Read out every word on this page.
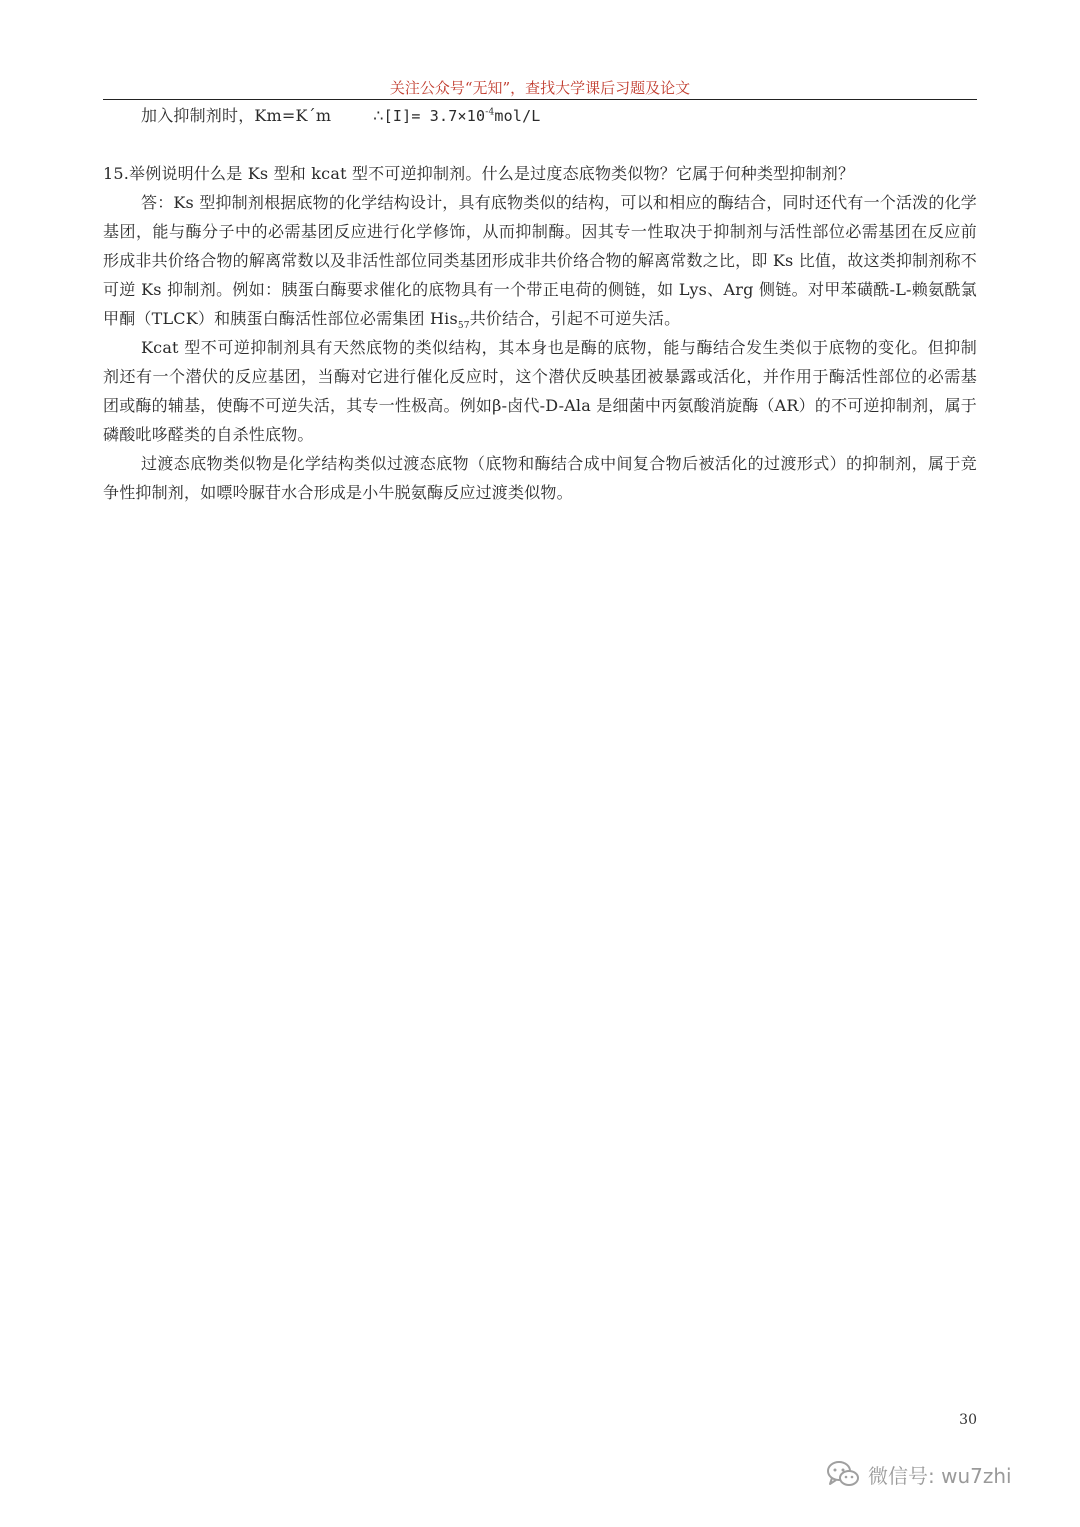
关注公众号“无知”，查找大学课后习题及论文

加入抑制剂时，Km=K´m	∴[I]= $3.7\times 10^{-4}mol/L$

15.举例说明什么是 Ks 型和 kcat 型不可逆抑制剂。什么是过度态底物类似物？它属于何种类型抑制剂？

答：Ks 型抑制剂根据底物的化学结构设计，具有底物类似的结构，可以和相应的酶结合，同时还代有一个活泼的化学基团，能与酶分子中的必需基团反应进行化学修饰，从而抑制酶。因其专一性取决于抑制剂与活性部位必需基团在反应前形成非共价络合物的解离常数以及非活性部位同类基团形成非共价络合物的解离常数之比，即 Ks 比值，故这类抑制剂称不可逆 Ks 抑制剂。例如：胰蛋白酶要求催化的底物具有一个带正电荷的侧链，如 Lys、Arg 侧链。对甲苯磺酰-L-赖氨酰氯甲酮（TLCK）和胰蛋白酶活性部位必需集团 His$_{57}$共价结合，引起不可逆失活。

Kcat 型不可逆抑制剂具有天然底物的类似结构，其本身也是酶的底物，能与酶结合发生类似于底物的变化。但抑制剂还有一个潜伏的反应基团，当酶对它进行催化反应时，这个潜伏反映基团被暴露或活化，并作用于酶活性部位的必需基团或酶的辅基，使酶不可逆失活，其专一性极高。例如β-卤代-D-Ala 是细菌中丙氨酸消旋酶（AR）的不可逆抑制剂，属于磷酸吡哆醛类的自杀性底物。

过渡态底物类似物是化学结构类似过渡态底物（底物和酶结合成中间复合物后被活化的过渡形式）的抑制剂，属于竞争性抑制剂，如嘌呤脲苷水合形成是小牛脱氨酶反应过渡类似物。

30
微信号: wu7zhi
